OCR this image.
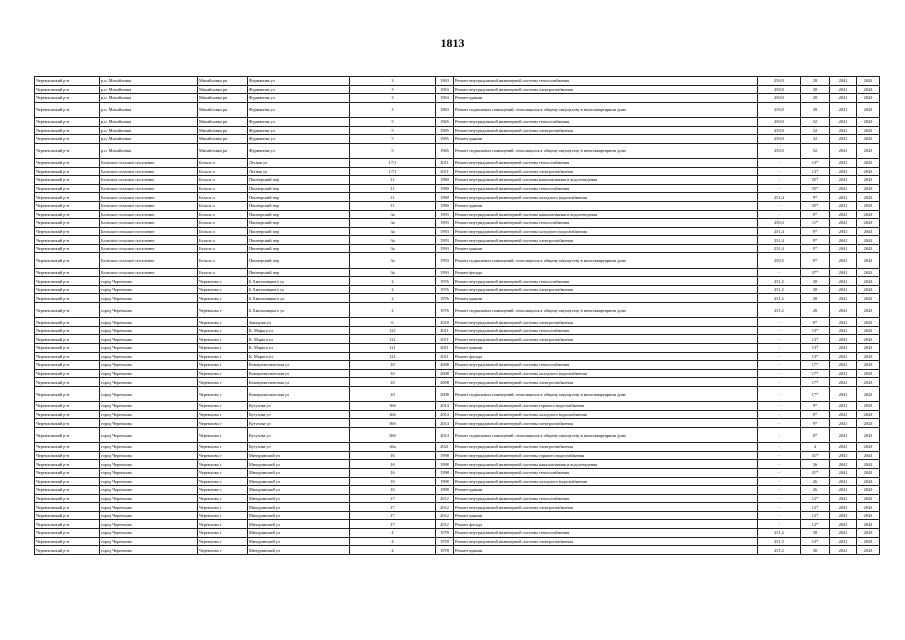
1813
Черемховский р-н	р.п. Михайловка	Михайловка рп	Фурманова ул	3	1963	Ремонт внутридомовой инженерной системы теплоснабжения	250,0	28	2041	2043
Черемховский р-н	р.п. Михайловка	Михайловка рп	Фурманова ул	3	1963	Ремонт внутридомовой инженерной системы электроснабжения	250,0	28	2041	2043
Черемховский р-н	р.п. Михайловка	Михайловка рп	Фурманова ул	3	1963	Ремонт крыши	250,0	28	2041	2043
Черемховский р-н	р.п. Михайловка	Михайловка рп	Фурманова ул	3	1963	Ремонт подвальных помещений, относящихся к общему имуществу в многоквартирном доме	250,0	28	2041	2043
Черемховский р-н	р.п. Михайловка	Михайловка рп	Фурманова ул	5	1965	Ремонт внутридомовой инженерной системы теплоснабжения	250,0	32	2041	2043
Черемховский р-н	р.п. Михайловка	Михайловка рп	Фурманова ул	5	1965	Ремонт внутридомовой инженерной системы электроснабжения	250,0	32	2041	2043
Черемховский р-н	р.п. Михайловка	Михайловка рп	Фурманова ул	5	1965	Ремонт крыши	250,0	32	2041	2043
Черемховский р-н	р.п. Михайловка	Михайловка рп	Фурманова ул	5	1965	Ремонт подвальных помещений, относящихся к общему имуществу в многоквартирном доме	250,0	32	2041	2043
Черемховский р-н	Бельское сельское поселение	Бельск п	Лесная ул	17/1	2011	Ремонт внутридомовой инженерной системы теплоснабжения	-	13*	2041	2043
Черемховский р-н	Бельское сельское поселение	Бельск п	Лесная ул	17/1	2011	Ремонт внутридомовой инженерной системы электроснабжения	-	13*	2041	2043
Черемховский р-н	Бельское сельское поселение	Бельск п	Пионерский пер	11	1980	Ремонт внутридомовой инженерной системы канализования и водоотведения	-	55*	2041	2043
Черемховский р-н	Бельское сельское поселение	Бельск п	Пионерский пер	11	1980	Ремонт внутридомовой инженерной системы теплоснабжения	-	55*	2041	2043
Черемховский р-н	Бельское сельское поселение	Бельск п	Пионерский пер	11	1980	Ремонт внутридомовой инженерной системы холодного водоснабжения	251,4	9*	2041	2043
Черемховский р-н	Бельское сельское поселение	Бельск п	Пионерский пер	11	1980	Ремонт крыши	-	55*	2041	2043
Черемховский р-н	Бельское сельское поселение	Бельск п	Пионерский пер	3a	1993	Ремонт внутридомовой инженерной системы канализования и водоотведения	-	9*	2041	2043
Черемховский р-н	Бельское сельское поселение	Бельск п	Пионерский пер	3a	1993	Ремонт внутридомовой инженерной системы теплоснабжения	250,3	11*	2041	2043
Черемховский р-н	Бельское сельское поселение	Бельск п	Пионерский пер	3a	1993	Ремонт внутридомовой инженерной системы холодного водоснабжения	251,4	9*	2041	2043
Черемховский р-н	Бельское сельское поселение	Бельск п	Пионерский пер	3a	1993	Ремонт внутридомовой инженерной системы электроснабжения	251,4	9*	2041	2043
Черемховский р-н	Бельское сельское поселение	Бельск п	Пионерский пер	3a	1993	Ремонт крыши	251,4	9*	2041	2043
Черемховский р-н	Бельское сельское поселение	Бельск п	Пионерский пер	3a	1993	Ремонт подвальных помещений, относящихся к общему имуществу в многоквартирном доме	250,5	8*	2041	2043
Черемховский р-н	Бельское сельское поселение	Бельск п	Пионерский пер	3a	1993	Ремонт фасада	-	37*	2041	2043
Черемховский р-н	город Черемхово	Черемхово г	Б.Хмельницкого ул	2	1976	Ремонт внутридомовой инженерной системы теплоснабжения	251,2	28	2041	2043
Черемховский р-н	город Черемхово	Черемхово г	Б.Хмельницкого ул	2	1976	Ремонт внутридомовой инженерной системы электроснабжения	251,2	28	2041	2043
Черемховский р-н	город Черемхово	Черемхово г	Б.Хмельницкого ул	2	1976	Ремонт крыши	251,2	28	2041	2043
Черемховский р-н	город Черемхово	Черемхово г	Б.Хмельницкого ул	2	1976	Ремонт подвальных помещений, относящихся к общему имуществу в многоквартирном доме	251,2	28	2041	2043
Черемховский р-н	город Черемхово	Черемхово г	Западная ул	6	2018	Ремонт внутридомовой инженерной системы электроснабжения	-	8*	2041	2043
Черемховский р-н	город Черемхово	Черемхово г	К. Маркса ул	121	2011	Ремонт внутридомовой инженерной системы теплоснабжения	-	13*	2041	2043
Черемховский р-н	город Черемхово	Черемхово г	К. Маркса ул	121	2011	Ремонт внутридомовой инженерной системы электроснабжения	-	13*	2041	2043
Черемховский р-н	город Черемхово	Черемхово г	К. Маркса ул	121	2011	Ремонт крыши	-	13*	2041	2043
Черемховский р-н	город Черемхово	Черемхово г	К. Маркса ул	121	2011	Ремонт фасада	-	13*	2041	2043
Черемховский р-н	город Черемхово	Черемхово г	Коммунистическая ул	10	2008	Ремонт внутридомовой инженерной системы теплоснабжения	-	17*	2041	2043
Черемховский р-н	город Черемхово	Черемхово г	Коммунистическая ул	10	2008	Ремонт внутридомовой инженерной системы холодного водоснабжения	-	17*	2041	2043
Черемховский р-н	город Черемхово	Черемхово г	Коммунистическая ул	10	2008	Ремонт внутридомовой инженерной системы электроснабжения	-	17*	2041	2043
Черемховский р-н	город Черемхово	Черемхово г	Коммунистическая ул	10	2008	Ремонт подвальных помещений, относящихся к общему имуществу в многоквартирном доме	-	17*	2041	2043
Черемховский р-н	город Черемхово	Черемхово г	Кутузова ул	36б	2014	Ремонт внутридомовой инженерной системы горячего водоснабжения	-	9*	2041	2043
Черемховский р-н	город Черемхово	Черемхово г	Кутузова ул	36б	2014	Ремонт внутридомовой инженерной системы холодного водоснабжения	-	9*	2041	2043
Черемховский р-н	город Черемхово	Черемхово г	Кутузова ул	36б	2014	Ремонт внутридомовой инженерной системы электроснабжения	-	9*	2041	2043
Черемховский р-н	город Черемхово	Черемхово г	Кутузова ул	36б	2014	Ремонт подвальных помещений, относящихся к общему имуществу в многоквартирном доме	-	8*	2041	2043
Черемховский р-н	город Черемхово	Черемхово г	Кутузова ул	36а	2021	Ремонт внутридомовой инженерной системы электроснабжения	-	4	2041	2043
Черемховский р-н	город Черемхово	Черемхово г	Мичуринский ул	16	1998	Ремонт внутридомовой инженерной системы горячего водоснабжения	-	31*	2041	2043
Черемховский р-н	город Черемхово	Черемхово г	Мичуринский ул	16	1998	Ремонт внутридомовой инженерной системы канализования и водоотведения	-	26	2041	2043
Черемховский р-н	город Черемхово	Черемхово г	Мичуринский ул	16	1998	Ремонт внутридомовой инженерной системы теплоснабжения	-	31*	2041	2043
Черемховский р-н	город Черемхово	Черемхово г	Мичуринский ул	16	1998	Ремонт внутридомовой инженерной системы холодного водоснабжения	-	26	2041	2043
Черемховский р-н	город Черемхово	Черемхово г	Мичуринский ул	16	1998	Ремонт крыши	-	26	2041	2043
Черемховский р-н	город Черемхово	Черемхово г	Мичуринский ул	17	2012	Ремонт внутридомовой инженерной системы теплоснабжения	-	12*	2041	2043
Черемховский р-н	город Черемхово	Черемхово г	Мичуринский ул	17	2012	Ремонт внутридомовой инженерной системы электроснабжения	-	12*	2041	2043
Черемховский р-н	город Черемхово	Черемхово г	Мичуринский ул	17	2012	Ремонт крыши	-	12*	2041	2043
Черемховский р-н	город Черемхово	Черемхово г	Мичуринский ул	17	2012	Ремонт фасада	-	12*	2041	2043
Черемховский р-н	город Черемхово	Черемхово г	Мичуринский ул	4	1978	Ремонт внутридомовой инженерной системы теплоснабжения	251,2	38	2041	2043
Черемховский р-н	город Черемхово	Черемхово г	Мичуринский ул	4	1978	Ремонт внутридомовой инженерной системы электроснабжения	251,2	13*	2041	2043
Черемховский р-н	город Черемхово	Черемхово г	Мичуринский ул	4	1978	Ремонт крыши	251,2	38	2041	2043
